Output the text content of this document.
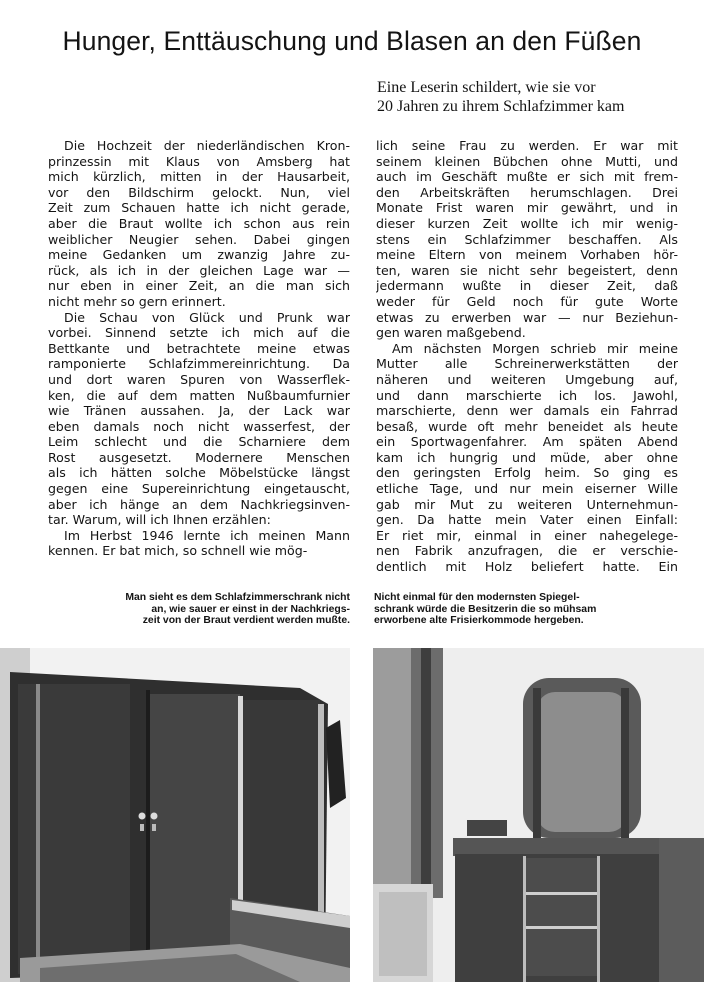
Hunger, Enttäuschung und Blasen an den Füßen
Eine Leserin schildert, wie sie vor
20 Jahren zu ihrem Schlafzimmer kam
Die Hochzeit der niederländischen Kron-
prinzessin mit Klaus von Amsberg hat
mich kürzlich, mitten in der Hausarbeit,
vor den Bildschirm gelockt. Nun, viel
Zeit zum Schauen hatte ich nicht gerade,
aber die Braut wollte ich schon aus rein
weiblicher Neugier sehen. Dabei gingen
meine Gedanken um zwanzig Jahre zu-
rück, als ich in der gleichen Lage war —
nur eben in einer Zeit, an die man sich
nicht mehr so gern erinnert.
Die Schau von Glück und Prunk war
vorbei. Sinnend setzte ich mich auf die
Bettkante und betrachtete meine etwas
ramponierte Schlafzimmereinrichtung. Da
und dort waren Spuren von Wasserflek-
ken, die auf dem matten Nußbaumfurnier
wie Tränen aussahen. Ja, der Lack war
eben damals noch nicht wasserfest, der
Leim schlecht und die Scharniere dem
Rost ausgesetzt. Modernere Menschen
als ich hätten solche Möbelstücke längst
gegen eine Supereinrichtung eingetauscht,
aber ich hänge an dem Nachkriegsinven-
tar. Warum, will ich Ihnen erzählen:
Im Herbst 1946 lernte ich meinen Mann
kennen. Er bat mich, so schnell wie mög-
lich seine Frau zu werden. Er war mit
seinem kleinen Bübchen ohne Mutti, und
auch im Geschäft mußte er sich mit frem-
den Arbeitskräften herumschlagen. Drei
Monate Frist waren mir gewährt, und in
dieser kurzen Zeit wollte ich mir wenig-
stens ein Schlafzimmer beschaffen. Als
meine Eltern von meinem Vorhaben hör-
ten, waren sie nicht sehr begeistert, denn
jedermann wußte in dieser Zeit, daß
weder für Geld noch für gute Worte
etwas zu erwerben war — nur Beziehun-
gen waren maßgebend.
Am nächsten Morgen schrieb mir meine
Mutter alle Schreinerwerkstätten der
näheren und weiteren Umgebung auf,
und dann marschierte ich los. Jawohl,
marschierte, denn wer damals ein Fahrrad
besaß, wurde oft mehr beneidet als heute
ein Sportwagenfahrer. Am späten Abend
kam ich hungrig und müde, aber ohne
den geringsten Erfolg heim. So ging es
etliche Tage, und nur mein eiserner Wille
gab mir Mut zu weiteren Unternehmun-
gen. Da hatte mein Vater einen Einfall:
Er riet mir, einmal in einer nahegelege-
nen Fabrik anzufragen, die er verschie-
dentlich mit Holz beliefert hatte. Ein
Man sieht es dem Schlafzimmerschrank nicht
an, wie sauer er einst in der Nachkriegs-
zeit von der Braut verdient werden mußte.
Nicht einmal für den modernsten Spiegel-
schrank würde die Besitzerin die so mühsam
erworbene alte Frisierkommode hergeben.
